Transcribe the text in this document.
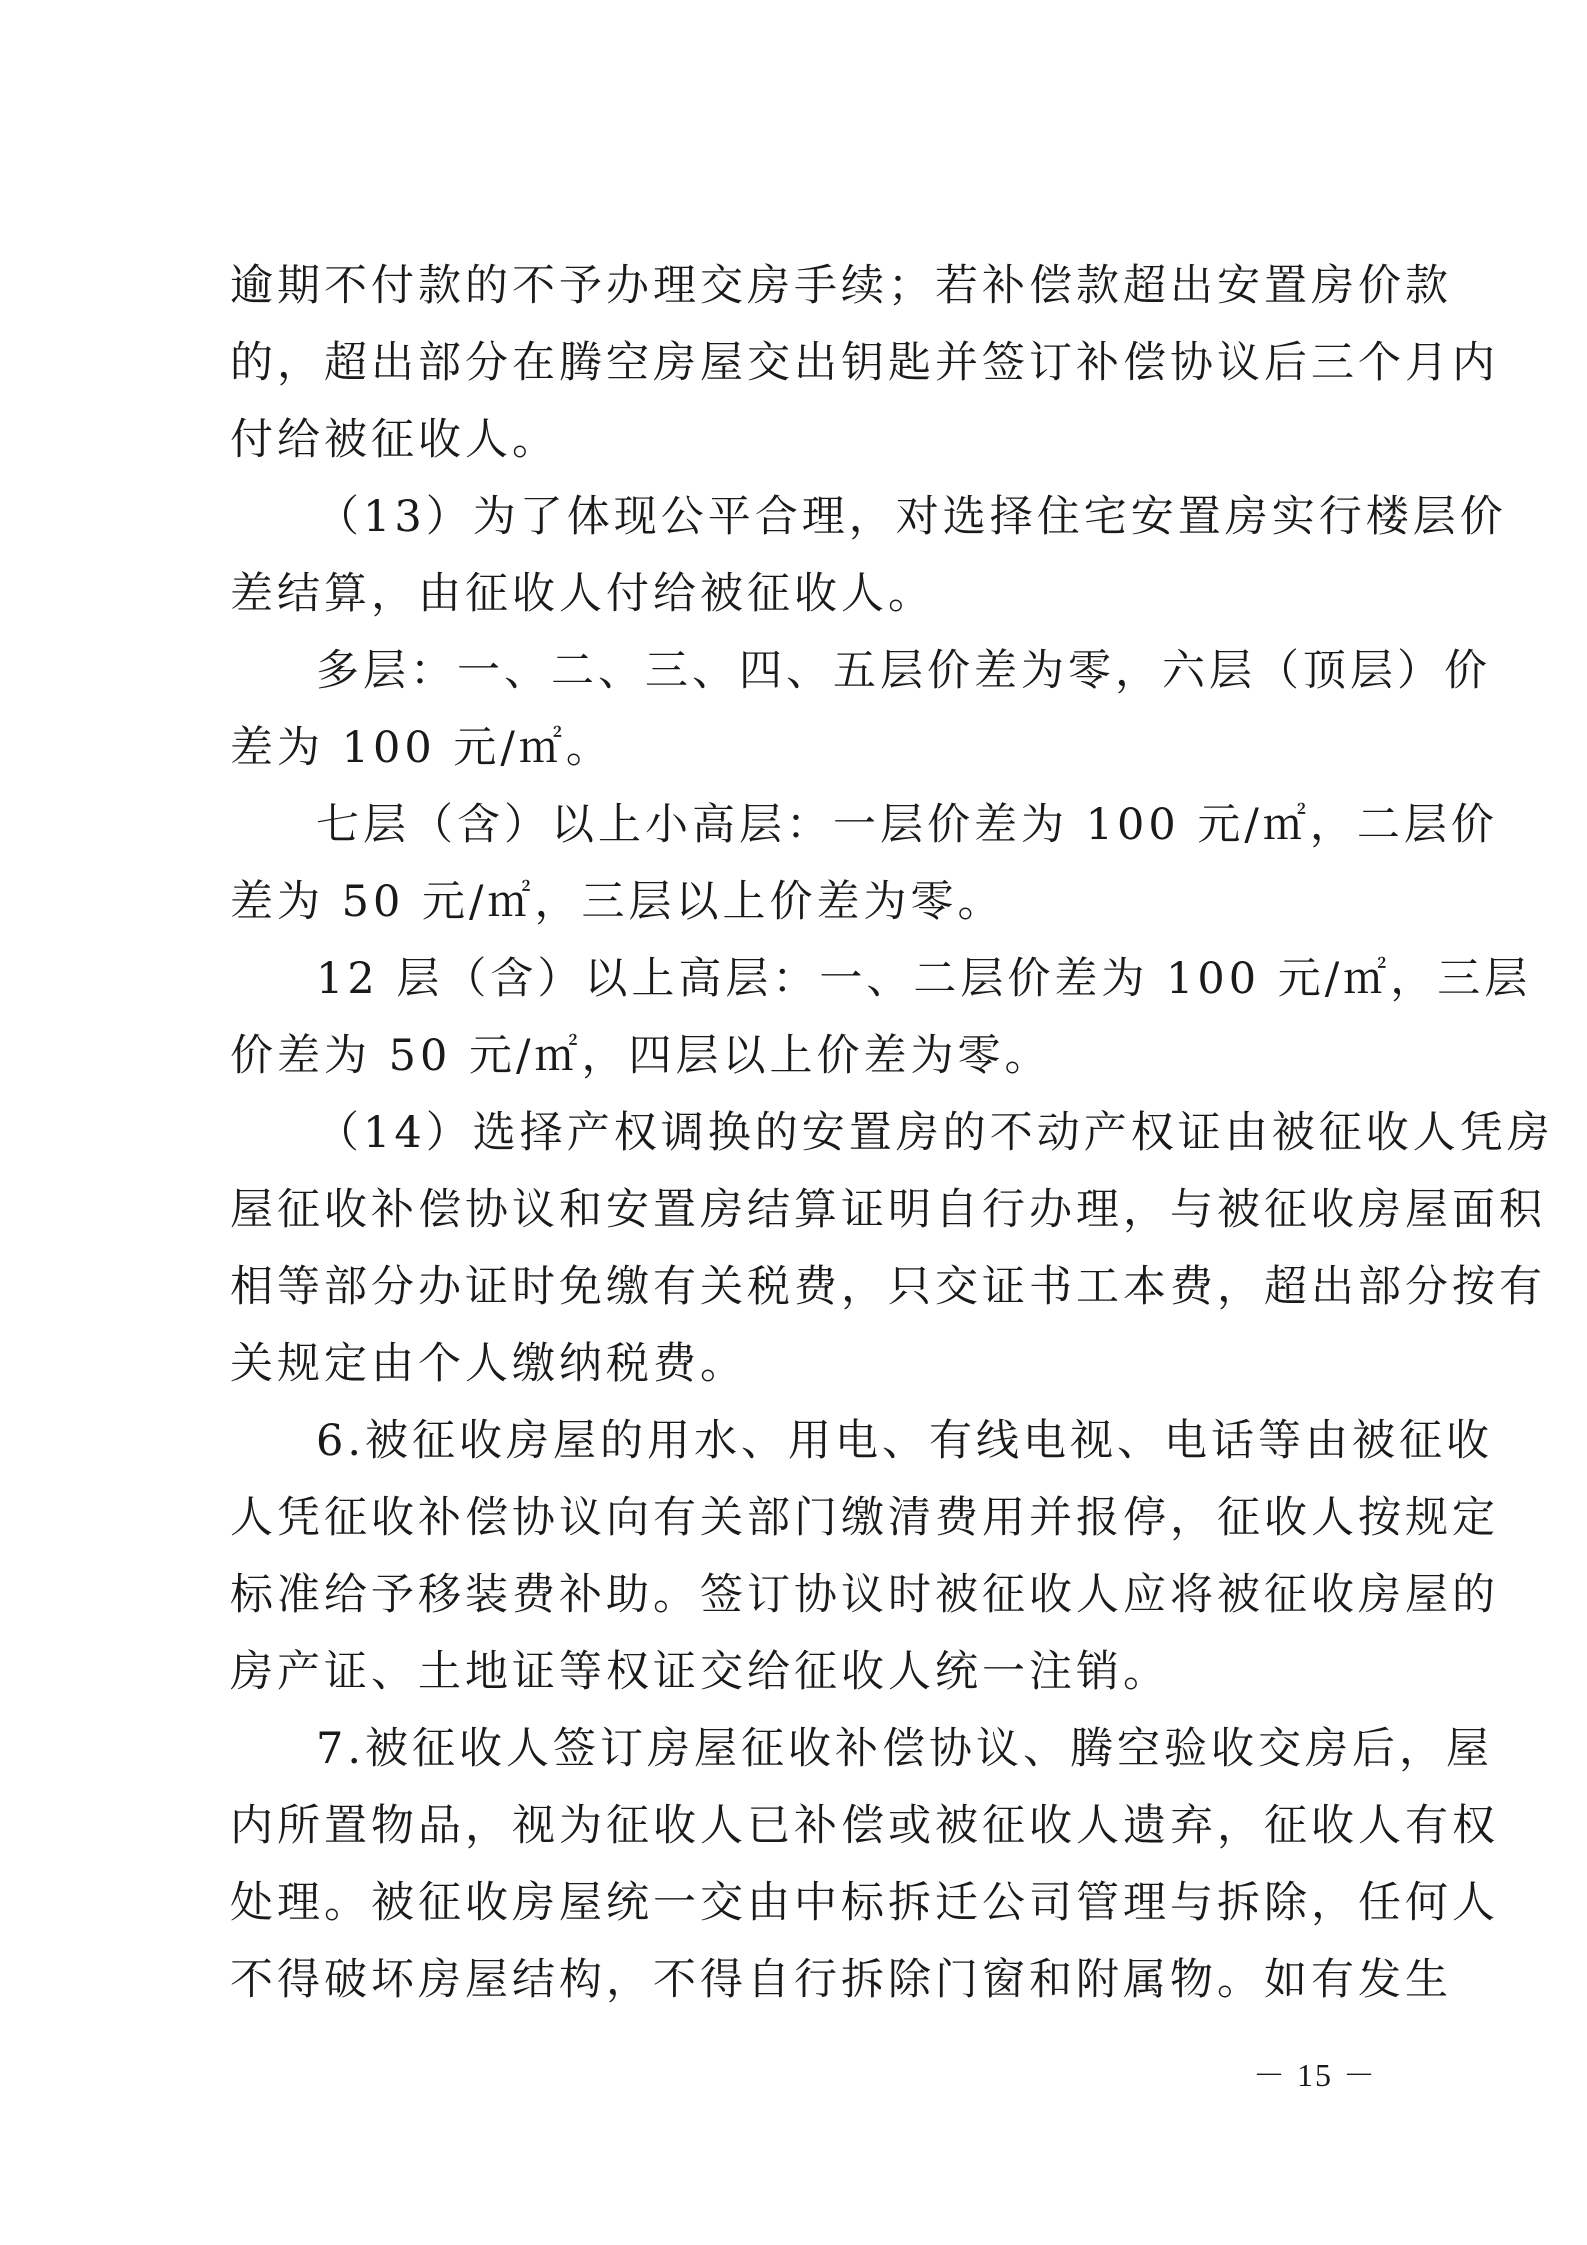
逾期不付款的不予办理交房手续；若补偿款超出安置房价款
的，超出部分在腾空房屋交出钥匙并签订补偿协议后三个月内
付给被征收人。
（13）为了体现公平合理，对选择住宅安置房实行楼层价
差结算，由征收人付给被征收人。
多层：一、二、三、四、五层价差为零，六层（顶层）价
差为 100 元/㎡。
七层（含）以上小高层：一层价差为 100 元/㎡，二层价
差为 50 元/㎡，三层以上价差为零。
12 层（含）以上高层：一、二层价差为 100 元/㎡，三层
价差为 50 元/㎡，四层以上价差为零。
（14）选择产权调换的安置房的不动产权证由被征收人凭房
屋征收补偿协议和安置房结算证明自行办理，与被征收房屋面积
相等部分办证时免缴有关税费，只交证书工本费，超出部分按有
关规定由个人缴纳税费。
6.被征收房屋的用水、用电、有线电视、电话等由被征收
人凭征收补偿协议向有关部门缴清费用并报停，征收人按规定
标准给予移装费补助。签订协议时被征收人应将被征收房屋的
房产证、土地证等权证交给征收人统一注销。
7.被征收人签订房屋征收补偿协议、腾空验收交房后，屋
内所置物品，视为征收人已补偿或被征收人遗弃，征收人有权
处理。被征收房屋统一交由中标拆迁公司管理与拆除，任何人
不得破坏房屋结构，不得自行拆除门窗和附属物。如有发生
－ 15 －
